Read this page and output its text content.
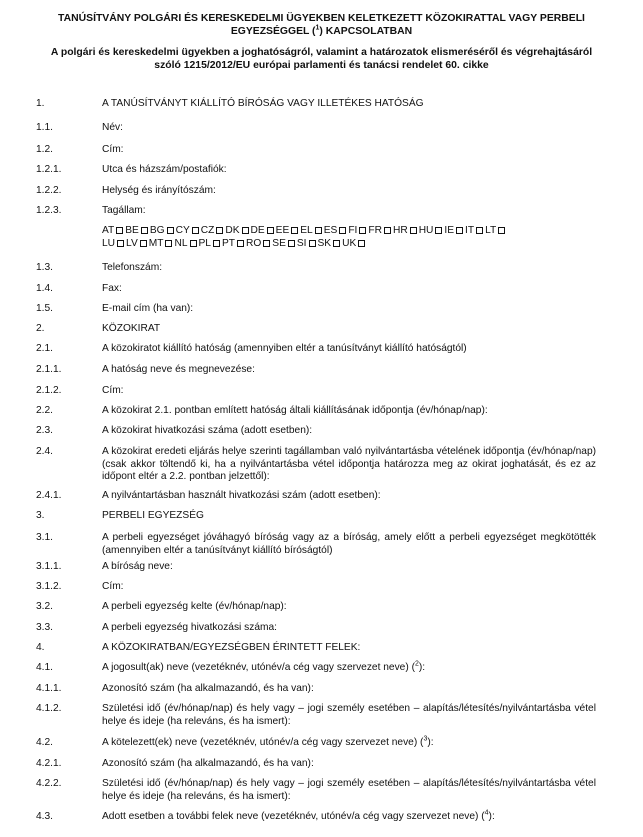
TANÚSÍTVÁNY POLGÁRI ÉS KERESKEDELMI ÜGYEKBEN KELETKEZETT KÖZOKIRATTAL VAGY PERBELI EGYEZSÉGGEL ($^1$) KAPCSOLATBAN
A polgári és kereskedelmi ügyekben a joghatóságról, valamint a határozatok elismeréséről és végrehajtásáról szóló 1215/2012/EU európai parlamenti és tanácsi rendelet 60. cikke
1.	A TANÚSÍTVÁNYT KIÁLLÍTÓ BÍRÓSÁG VAGY ILLETÉKES HATÓSÁG
1.1.	Név:
1.2.	Cím:
1.2.1.	Utca és házszám/postafiók:
1.2.2.	Helység és irányítószám:
1.2.3.	Tagállam:
1.3.	Telefonszám:
1.4.	Fax:
1.5.	E-mail cím (ha van):
2.	KÖZOKIRAT
2.1.	A közokiratot kiállító hatóság (amennyiben eltér a tanúsítványt kiállító hatóságtól)
2.1.1.	A hatóság neve és megnevezése:
2.1.2.	Cím:
2.2.	A közokirat 2.1. pontban említett hatóság általi kiállításának időpontja (év/hónap/nap):
2.3.	A közokirat hivatkozási száma (adott esetben):
2.4.	A közokirat eredeti eljárás helye szerinti tagállamban való nyilvántartásba vételének időpontja (év/hónap/nap)(csak akkor töltendő ki, ha a nyilvántartásba vétel időpontja határozza meg az okirat joghatását, és ez az időpont eltér a 2.2. pontban jelzettől):
2.4.1.	A nyilvántartásban használt hivatkozási szám (adott esetben):
3.	PERBELI EGYEZSÉG
3.1.	A perbeli egyezséget jóváhagyó bíróság vagy az a bíróság, amely előtt a perbeli egyezséget megkötötték (amennyiben eltér a tanúsítványt kiállító bíróságtól)
3.1.1.	A bíróság neve:
3.1.2.	Cím:
3.2.	A perbeli egyezség kelte (év/hónap/nap):
3.3.	A perbeli egyezség hivatkozási száma:
4.	A KÖZOKIRATBAN/EGYEZSÉGBEN ÉRINTETT FELEK:
4.1.	A jogosult(ak) neve (vezetéknév, utónév/a cég vagy szervezet neve) ($^2$):
4.1.1.	Azonosító szám (ha alkalmazandó, és ha van):
4.1.2.	Születési idő (év/hónap/nap) és hely vagy – jogi személy esetében – alapítás/létesítés/nyilvántartásba vétel helye és ideje (ha releváns, és ha ismert):
4.2.	A kötelezett(ek) neve (vezetéknév, utónév/a cég vagy szervezet neve) ($^3$):
4.2.1.	Azonosító szám (ha alkalmazandó, és ha van):
4.2.2.	Születési idő (év/hónap/nap) és hely vagy – jogi személy esetében – alapítás/létesítés/nyilvántartásba vétel helye és ideje (ha releváns, és ha ismert):
4.3.	Adott esetben a további felek neve (vezetéknév, utónév/a cég vagy szervezet neve) ($^4$):
AT BE BG CY CZ DK DE EE EL ES FI FR HR HU IE IT LT
LU LV MT NL PL PT RO SE SI SK UK
